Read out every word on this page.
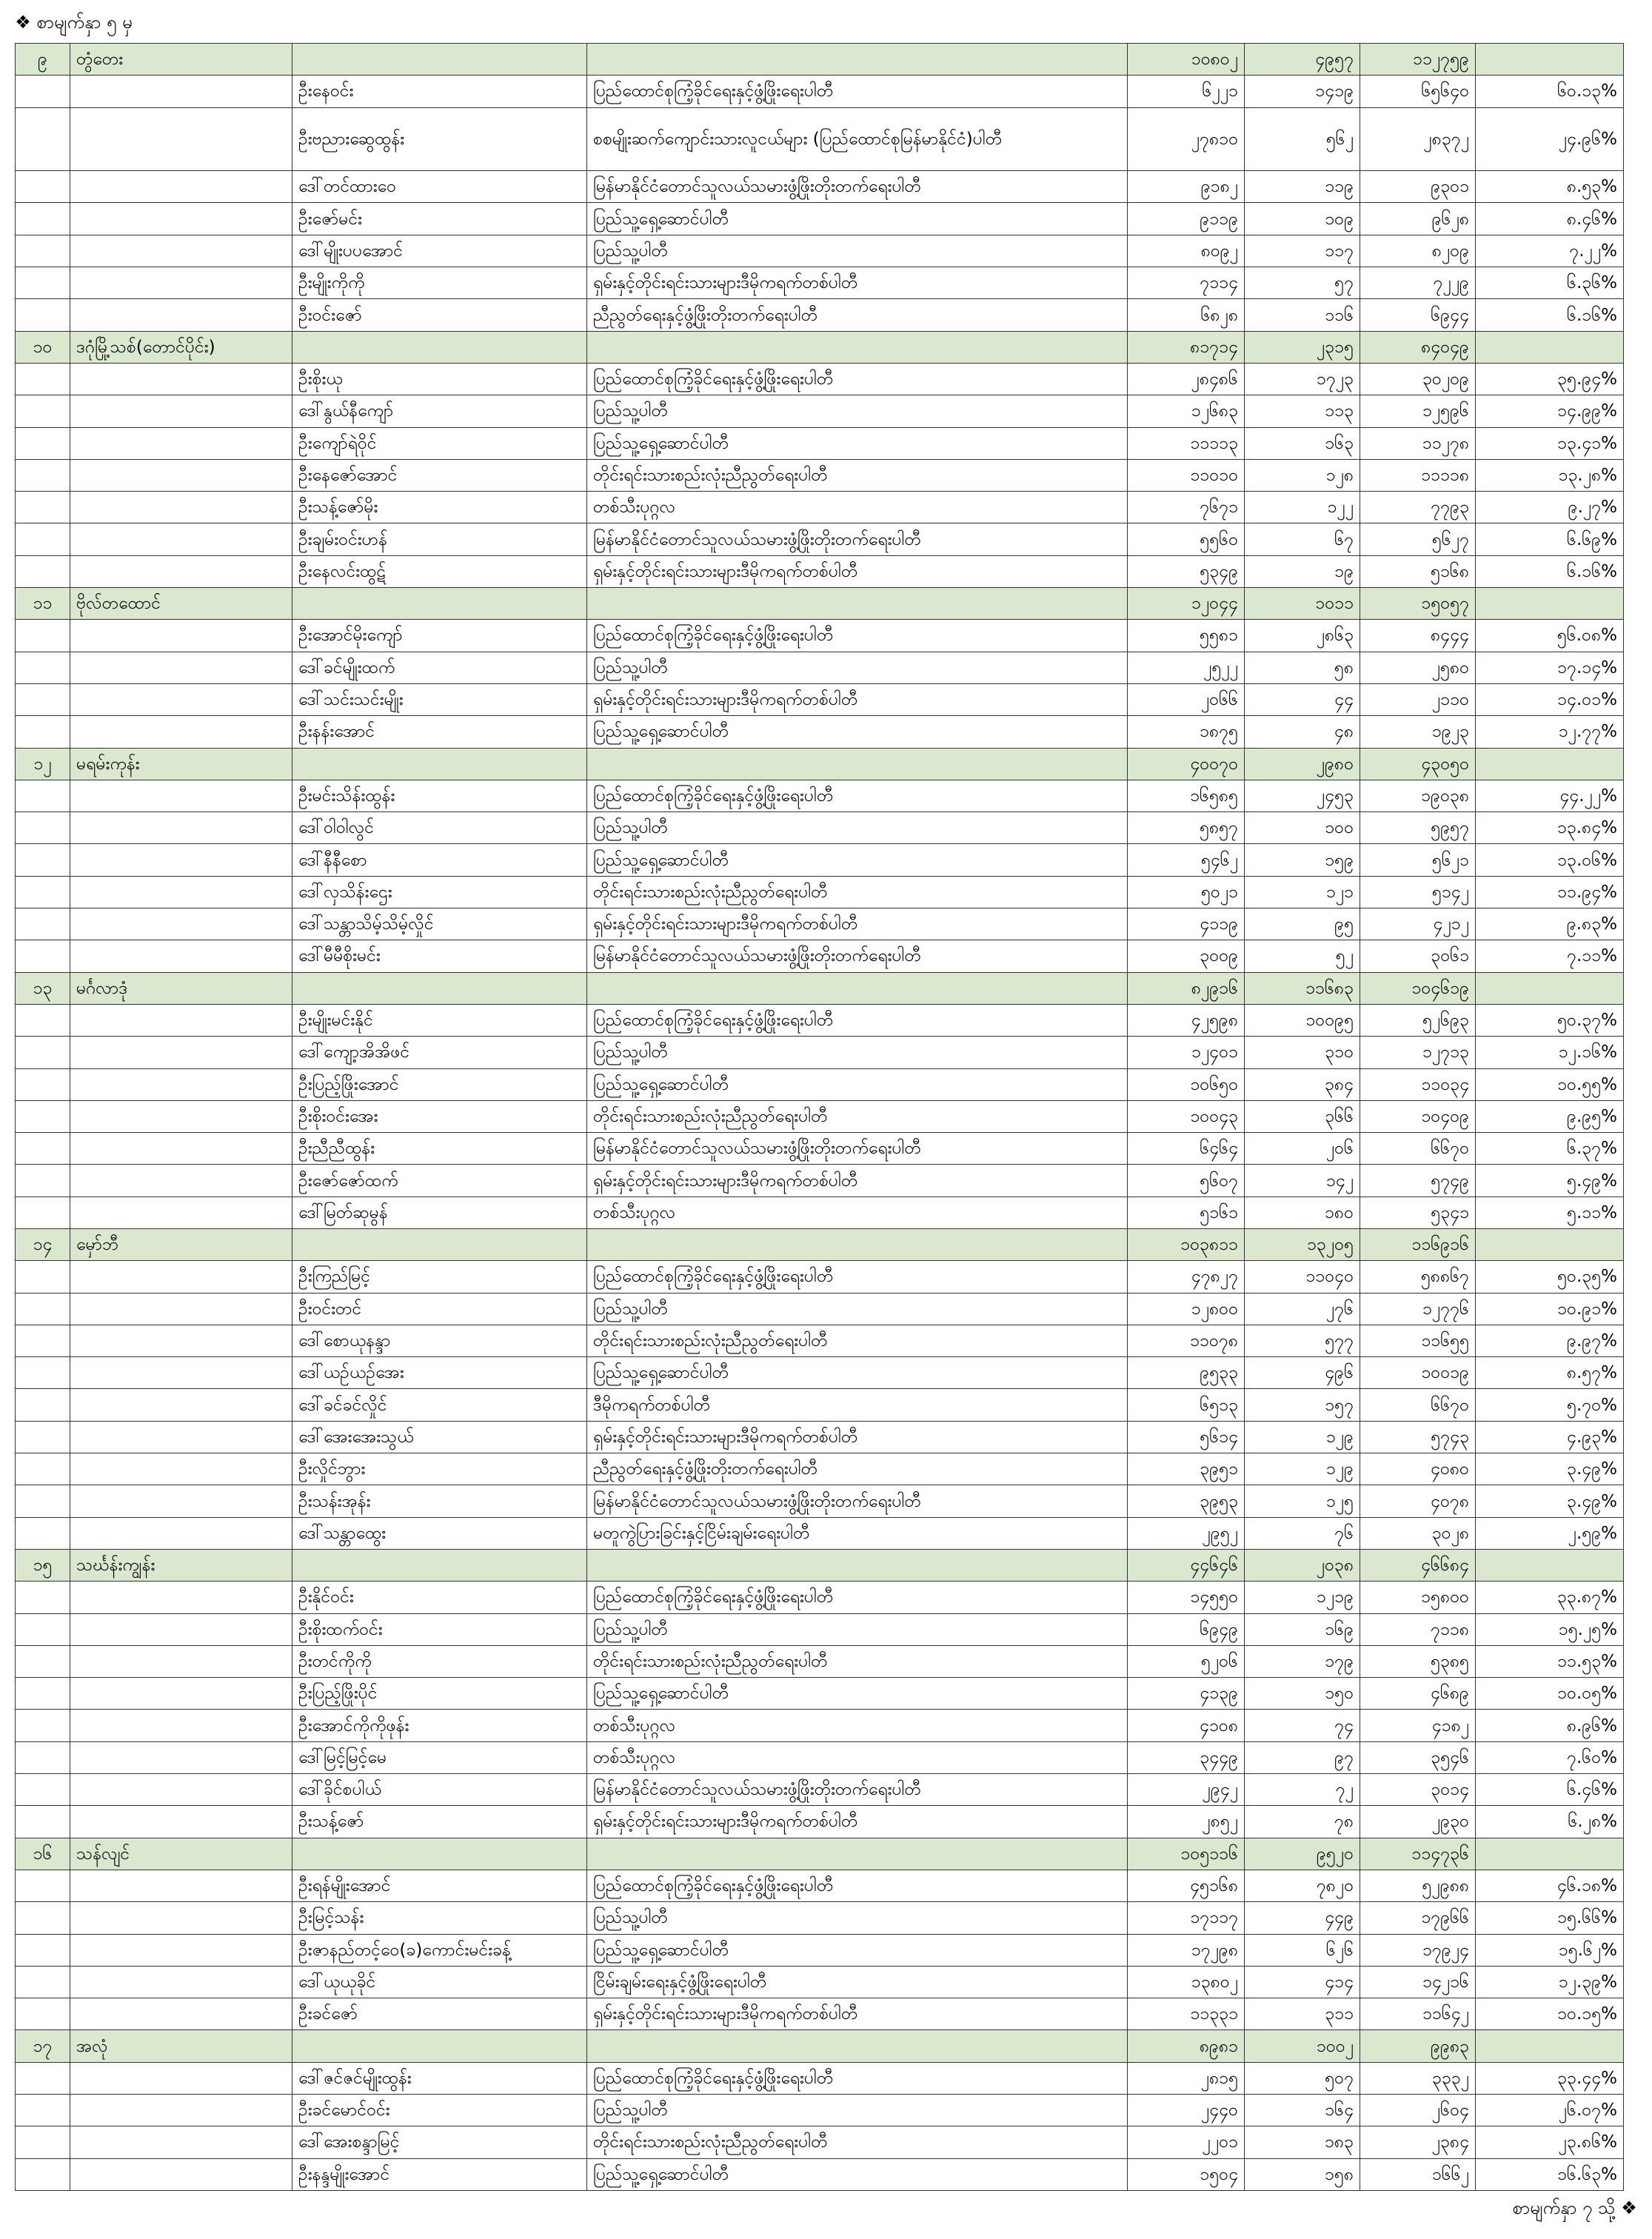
❖ စာမျက်နှာ ၅ မှ
၉	တွံတေး			၁၀၈၀၂	၄၉၅၇	၁၁၂၇၅၉	
		ဦးနေဝင်း	ပြည်ထောင်စုကြံ့ခိုင်ရေးနှင့်ဖွံ့ဖြိုးရေးပါတီ	၆၂၂၁	၁၄၁၉	၆၅၆၄၀	၆၀.၁၃%
		ဦးဗညားဆွေထွန်း	စစမျိုးဆက်ကျောင်းသားလူငယ်များ (ပြည်ထောင်စုမြန်မာနိုင်ငံ)ပါတီ	၂၇၈၁၀	၅၆၂	၂၈၃၇၂	၂၄.၉၆%
		ဒေါ်တင်ထားဝေ	မြန်မာနိုင်ငံတောင်သူလယ်သမားဖွံ့ဖြိုးတိုးတက်ရေးပါတီ	၉၁၈၂	၁၁၉	၉၃၀၁	၈.၅၃%
		ဦးဇော်မင်း	ပြည်သူ့ရှေ့ဆောင်ပါတီ	၉၁၁၉	၁၀၉	၉၆၂၈	၈.၄၆%
		ဒေါ်မျိုးပပအောင်	ပြည်သူ့ပါတီ	၈၀၉၂	၁၁၇	၈၂၀၉	၇.၂၂%
		ဦးမျိုးကိုကို	ရှမ်းနှင့်တိုင်းရင်းသားများဒီမိုကရက်တစ်ပါတီ	၇၁၁၄	၅၇	၇၂၂၉	၆.၃၆%
		ဦးဝင်းဇော်	ညီညွတ်ရေးနှင့်ဖွံ့ဖြိုးတိုးတက်ရေးပါတီ	၆၈၂၈	၁၁၆	၆၉၄၄	၆.၁၆%
၁၀	ဒဂုံမြို့သစ်(တောင်ပိုင်း)			၈၁၇၁၄	၂၃၁၅	၈၄၀၄၉	
		ဦးစိုးယု	ပြည်ထောင်စုကြံ့ခိုင်ရေးနှင့်ဖွံ့ဖြိုးရေးပါတီ	၂၈၄၈၆	၁၇၂၃	၃၀၂၀၉	၃၅.၉၄%
		ဒေါ်နွယ်နီကျော်	ပြည်သူ့ပါတီ	၁၂၆၈၃	၁၁၃	၁၂၅၉၆	၁၄.၉၉%
		ဦးကျော်ရဲဝိုင်	ပြည်သူ့ရှေ့ဆောင်ပါတီ	၁၁၁၁၃	၁၆၃	၁၁၂၇၈	၁၃.၄၁%
		ဦးနေဇော်အောင်	တိုင်းရင်းသားစည်းလုံးညီညွတ်ရေးပါတီ	၁၁၀၁၀	၁၂၈	၁၁၁၁၈	၁၃.၂၈%
		ဦးသန့်ဇော်မိုး	တစ်သီးပုဂ္ဂလ	၇၆၇၁	၁၂၂	၇၇၉၃	၉.၂၇%
		ဦးချမ်းဝင်းဟန်	မြန်မာနိုင်ငံတောင်သူလယ်သမားဖွံ့ဖြိုးတိုးတက်ရေးပါတီ	၅၅၆၀	၆၇	၅၆၂၇	၆.၆၉%
		ဦးနေလင်းထွဋ်	ရှမ်းနှင့်တိုင်းရင်းသားများဒီမိုကရက်တစ်ပါတီ	၅၃၄၉	၁၉	၅၁၆၈	၆.၁၆%
၁၁	ဗိုလ်တထောင်			၁၂၀၄၄	၁၀၁၁	၁၅၀၅၇	
		ဦးအောင်မိုးကျော်	ပြည်ထောင်စုကြံ့ခိုင်ရေးနှင့်ဖွံ့ဖြိုးရေးပါတီ	၅၅၈၁	၂၈၆၃	၈၄၄၄	၅၆.၀၈%
		ဒေါ်ခင်မျိုးထက်	ပြည်သူ့ပါတီ	၂၅၂၂	၅၈	၂၅၈၀	၁၇.၁၄%
		ဒေါ်သင်းသင်းမျိုး	ရှမ်းနှင့်တိုင်းရင်းသားများဒီမိုကရက်တစ်ပါတီ	၂၀၆၆	၄၄	၂၁၁၀	၁၄.၀၁%
		ဦးနန်းအောင်	ပြည်သူ့ရှေ့ဆောင်ပါတီ	၁၈၇၅	၄၈	၁၉၂၃	၁၂.၇၇%
၁၂	မရမ်းကုန်း			၄၀၀၇၀	၂၉၈၀	၄၃၀၅၀	
		ဦးမင်းသိန်းထွန်း	ပြည်ထောင်စုကြံ့ခိုင်ရေးနှင့်ဖွံ့ဖြိုးရေးပါတီ	၁၆၅၈၅	၂၄၅၃	၁၉၀၃၈	၄၄.၂၂%
		ဒေါ်ဝါဝါလွင်	ပြည်သူ့ပါတီ	၅၈၅၇	၁၀၀	၅၉၅၇	၁၃.၈၄%
		ဒေါ်နီနီစော	ပြည်သူ့ရှေ့ဆောင်ပါတီ	၅၄၆၂	၁၅၉	၅၆၂၁	၁၃.၀၆%
		ဒေါ်လှသိန်းဌေး	တိုင်းရင်းသားစည်းလုံးညီညွတ်ရေးပါတီ	၅၀၂၁	၁၂၁	၅၁၄၂	၁၁.၉၄%
		ဒေါ်သန္တာသိမ့်သိမ့်လှိုင်	ရှမ်းနှင့်တိုင်းရင်းသားများဒီမိုကရက်တစ်ပါတီ	၄၁၁၉	၉၅	၄၂၁၂	၉.၈၃%
		ဒေါ်မီမီစိုးမင်း	မြန်မာနိုင်ငံတောင်သူလယ်သမားဖွံ့ဖြိုးတိုးတက်ရေးပါတီ	၃၀၀၉	၅၂	၃၀၆၁	၇.၁၁%
၁၃	မင်္ဂလာဒုံ			၈၂၉၁၆	၁၁၆၈၃	၁၀၄၆၁၉	
		ဦးမျိုးမင်းနိုင်	ပြည်ထောင်စုကြံ့ခိုင်ရေးနှင့်ဖွံ့ဖြိုးရေးပါတီ	၄၂၅၉၈	၁၀၀၉၅	၅၂၆၉၃	၅၀.၃၇%
		ဒေါ်ကျော့အိအိဖင်	ပြည်သူ့ပါတီ	၁၂၄၀၁	၃၁၀	၁၂၇၁၃	၁၂.၁၆%
		ဦးပြည့်ဖြိုးအောင်	ပြည်သူ့ရှေ့ဆောင်ပါတီ	၁၀၆၅၀	၃၈၄	၁၁၀၃၄	၁၀.၅၅%
		ဦးစိုးဝင်းအေး	တိုင်းရင်းသားစည်းလုံးညီညွတ်ရေးပါတီ	၁၀၀၄၃	၃၆၆	၁၀၄၀၉	၉.၉၅%
		ဦးညီညီထွန်း	မြန်မာနိုင်ငံတောင်သူလယ်သမားဖွံ့ဖြိုးတိုးတက်ရေးပါတီ	၆၄၆၄	၂၀၆	၆၆၇၀	၆.၃၇%
		ဦးဇော်ဇော်ထက်	ရှမ်းနှင့်တိုင်းရင်းသားများဒီမိုကရက်တစ်ပါတီ	၅၆၀၇	၁၄၂	၅၇၄၉	၅.၄၉%
		ဒေါ်မြတ်ဆုမွန်	တစ်သီးပုဂ္ဂလ	၅၁၆၁	၁၈၀	၅၃၄၁	၅.၁၁%
၁၄	မှော်ဘီ			၁၀၃၈၁၁	၁၃၂၀၅	၁၁၆၉၁၆	
		ဦးကြည်မြင့်	ပြည်ထောင်စုကြံ့ခိုင်ရေးနှင့်ဖွံ့ဖြိုးရေးပါတီ	၄၇၈၂၇	၁၁၀၄၀	၅၈၈၆၇	၅၀.၃၅%
		ဦးဝင်းတင်	ပြည်သူ့ပါတီ	၁၂၈၀၀	၂၇၆	၁၂၇၇၆	၁၀.၉၁%
		ဒေါ်စောယုနန္ဒာ	တိုင်းရင်းသားစည်းလုံးညီညွတ်ရေးပါတီ	၁၁၀၇၈	၅၇၇	၁၁၆၅၅	၉.၉၇%
		ဒေါ်ယဉ်ယဉ်အေး	ပြည်သူ့ရှေ့ဆောင်ပါတီ	၉၅၃၃	၄၉၆	၁၀၀၁၉	၈.၅၇%
		ဒေါ်ခင်ခင်လှိုင်	ဒီမိုကရက်တစ်ပါတီ	၆၅၁၃	၁၅၇	၆၆၇၀	၅.၇၀%
		ဒေါ်အေးအေးသွယ်	ရှမ်းနှင့်တိုင်းရင်းသားများဒီမိုကရက်တစ်ပါတီ	၅၆၁၄	၁၂၉	၅၇၄၃	၄.၉၃%
		ဦးလှိုင်ဘွား	ညီညွတ်ရေးနှင့်ဖွံ့ဖြိုးတိုးတက်ရေးပါတီ	၃၉၅၁	၁၂၉	၄၀၈၀	၃.၄၉%
		ဦးသန်းအုန်း	မြန်မာနိုင်ငံတောင်သူလယ်သမားဖွံ့ဖြိုးတိုးတက်ရေးပါတီ	၃၉၅၃	၁၂၅	၄၀၇၈	၃.၄၉%
		ဒေါ်သန္တာထွေး	မတူကွဲပြားခြင်းနှင့်ငြိမ်းချမ်းရေးပါတီ	၂၉၅၂	၇၆	၃၀၂၈	၂.၅၉%
၁၅	သင်္ဃန်းကျွန်း			၄၄၆၄၆	၂၀၃၈	၄၆၆၈၄	
		ဦးနိုင်ဝင်း	ပြည်ထောင်စုကြံ့ခိုင်ရေးနှင့်ဖွံ့ဖြိုးရေးပါတီ	၁၄၅၅၀	၁၂၁၉	၁၅၈၀၀	၃၃.၈၇%
		ဦးစိုးထက်ဝင်း	ပြည်သူ့ပါတီ	၆၉၄၉	၁၆၉	၇၁၁၈	၁၅.၂၅%
		ဦးတင်ကိုကို	တိုင်းရင်းသားစည်းလုံးညီညွတ်ရေးပါတီ	၅၂၀၆	၁၇၉	၅၃၈၅	၁၁.၅၃%
		ဦးပြည့်ဖြိုးပိုင်	ပြည်သူ့ရှေ့ဆောင်ပါတီ	၄၁၃၉	၁၅၀	၄၆၈၉	၁၀.၀၅%
		ဦးအောင်ကိုကိုဖုန်း	တစ်သီးပုဂ္ဂလ	၄၁၀၈	၇၄	၄၁၈၂	၈.၉၆%
		ဒေါ်မြင့်မြင့်မေ	တစ်သီးပုဂ္ဂလ	၃၄၄၉	၉၇	၃၅၄၆	၇.၆၀%
		ဒေါ်ခိုင်စပါယ်	မြန်မာနိုင်ငံတောင်သူလယ်သမားဖွံ့ဖြိုးတိုးတက်ရေးပါတီ	၂၉၄၂	၇၂	၃၀၁၄	၆.၄၆%
		ဦးသန့်ဇော်	ရှမ်းနှင့်တိုင်းရင်းသားများဒီမိုကရက်တစ်ပါတီ	၂၈၅၂	၇၈	၂၉၃၀	၆.၂၈%
၁၆	သန်လျင်			၁၀၅၁၁၆	၉၅၂၀	၁၁၄၇၃၆	
		ဦးရန်မျိုးအောင်	ပြည်ထောင်စုကြံ့ခိုင်ရေးနှင့်ဖွံ့ဖြိုးရေးပါတီ	၄၅၁၆၈	၇၈၂၀	၅၂၉၈၈	၄၆.၁၈%
		ဦးမြင့်သန်း	ပြည်သူ့ပါတီ	၁၇၁၁၇	၄၄၉	၁၇၉၆၆	၁၅.၆၆%
		ဦးဇာနည်တင့်ဝေ(ခ)ကောင်းမင်းခန့်	ပြည်သူ့ရှေ့ဆောင်ပါတီ	၁၇၂၉၈	၆၂၆	၁၇၉၂၄	၁၅.၆၂%
		ဒေါ်ယုယုခိုင်	ငြိမ်းချမ်းရေးနှင့်ဖွံ့ဖြိုးရေးပါတီ	၁၃၈၀၂	၄၁၄	၁၄၂၁၆	၁၂.၃၉%
		ဦးခင်ဇော်	ရှမ်းနှင့်တိုင်းရင်းသားများဒီမိုကရက်တစ်ပါတီ	၁၁၃၃၁	၃၁၁	၁၁၆၄၂	၁၀.၁၅%
၁၇	အလုံ			၈၉၈၁	၁၀၀၂	၉၉၈၃	
		ဒေါ်ဇင်ဇင်မျိုးထွန်း	ပြည်ထောင်စုကြံ့ခိုင်ရေးနှင့်ဖွံ့ဖြိုးရေးပါတီ	၂၈၁၅	၅၀၇	၃၃၃၂	၃၃.၄၄%
		ဦးခင်မောင်ဝင်း	ပြည်သူ့ပါတီ	၂၄၄၀	၁၆၄	၂၆၀၄	၂၆.၀၇%
		ဒေါ်အေးစန္ဒာမြင့်	တိုင်းရင်းသားစည်းလုံးညီညွတ်ရေးပါတီ	၂၂၀၁	၁၈၃	၂၃၈၄	၂၃.၈၆%
		ဦးနန္ဒမျိုးအောင်	ပြည်သူ့ရှေ့ဆောင်ပါတီ	၁၅၀၄	၁၅၈	၁၆၆၂	၁၆.၆၃%
စာမျက်နှာ ၇ သို့ ❖
